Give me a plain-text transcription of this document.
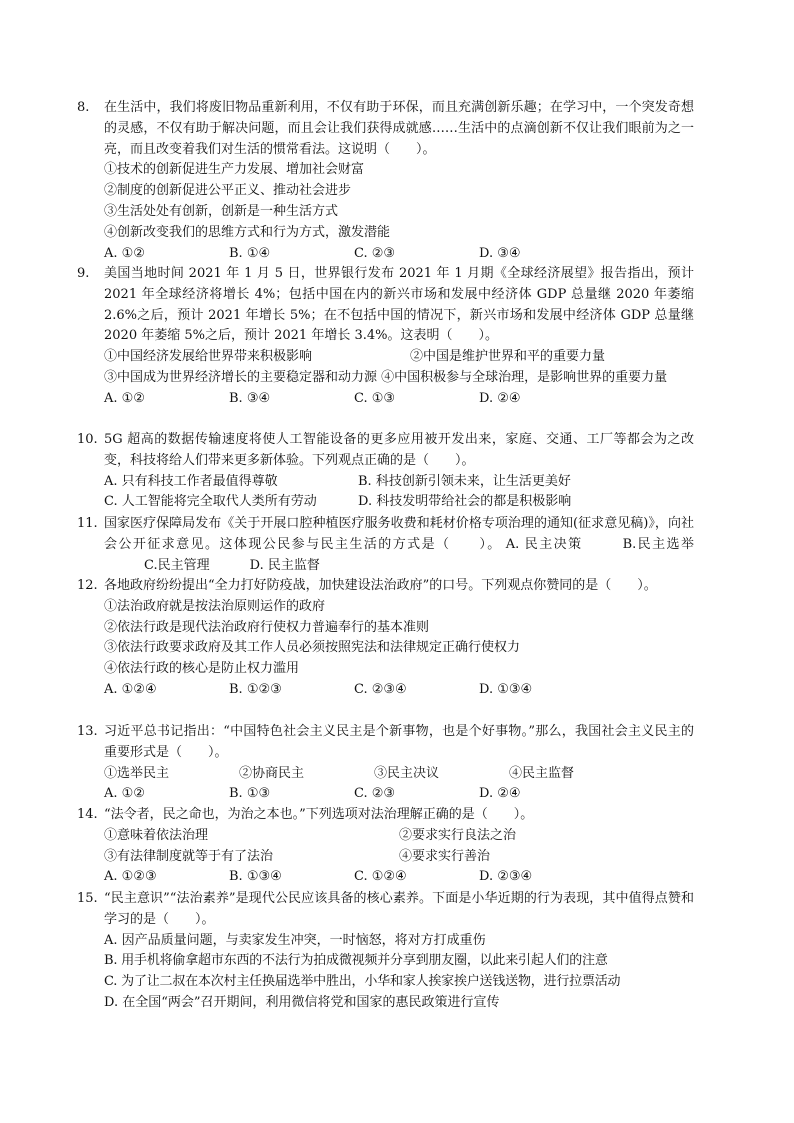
8. 在生活中，我们将废旧物品重新利用，不仅有助于环保，而且充满创新乐趣；在学习中，一个突发奇想的灵感，不仅有助于解决问题，而且会让我们获得成就感……生活中的点滴创新不仅让我们眼前为之一亮，而且改变着我们对生活的惯常看法。这说明（　　）。
①技术的创新促进生产力发展、增加社会财富
②制度的创新促进公平正义、推动社会进步
③生活处处有创新，创新是一种生活方式
④创新改变我们的思维方式和行为方式，激发潜能
A. ①②	B. ①④	C. ②③	D. ③④
9. 美国当地时间 2021 年 1 月 5 日，世界银行发布 2021 年 1 月期《全球经济展望》报告指出，预计 2021 年全球经济将增长 4%；包括中国在内的新兴市场和发展中经济体 GDP 总量继 2020 年萎缩 2.6%之后，预计 2021 年增长 5%；在不包括中国的情况下，新兴市场和发展中经济体 GDP 总量继 2020 年萎缩 5%之后，预计 2021 年增长 3.4%。这表明（　　）。
①中国经济发展给世界带来积极影响	②中国是维护世界和平的重要力量
③中国成为世界经济增长的主要稳定器和动力源 ④中国积极参与全球治理，是影响世界的重要力量
A. ①②	B. ③④	C. ①③	D. ②④
10. 5G 超高的数据传输速度将使人工智能设备的更多应用被开发出来，家庭、交通、工厂等都会为之改变，科技将给人们带来更多新体验。下列观点正确的是（　　）。
A. 只有科技工作者最值得尊敬	B. 科技创新引领未来，让生活更美好
C. 人工智能将完全取代人类所有劳动	D. 科技发明带给社会的都是积极影响
11. 国家医疗保障局发布《关于开展口腔种植医疗服务收费和耗材价格专项治理的通知(征求意见稿)》，向社会公开征求意见。这体现公民参与民主生活的方式是（　　）。 A. 民主决策	B.民主选举C.民主管理	D. 民主监督
12. 各地政府纷纷提出“全力打好防疫战，加快建设法治政府”的口号。下列观点你赞同的是（　　）。
①法治政府就是按法治原则运作的政府
②依法行政是现代法治政府行使权力普遍奉行的基本准则
③依法行政要求政府及其工作人员必须按照宪法和法律规定正确行使权力
④依法行政的核心是防止权力滥用
A. ①②④	B. ①②③	C. ②③④	D. ①③④
13. 习近平总书记指出：“中国特色社会主义民主是个新事物，也是个好事物。”那么，我国社会主义民主的重要形式是（　　）。
①选举民主	②协商民主	③民主决议	④民主监督
A. ①②	B. ①③	C. ②③	D. ②④
14. “法令者，民之命也，为治之本也。”下列选项对法治理解正确的是（　　）。
①意味着依法治理	②要求实行良法之治
③有法律制度就等于有了法治	④要求实行善治
A. ①②③	B. ①③④	C. ①②④	D. ②③④
15. “民主意识”“法治素养”是现代公民应该具备的核心素养。下面是小华近期的行为表现，其中值得点赞和学习的是（　　）。
A. 因产品质量问题，与卖家发生冲突，一时恼怒，将对方打成重伤
B. 用手机将偷拿超市东西的不法行为拍成微视频并分享到朋友圈，以此来引起人们的注意
C. 为了让二叔在本次村主任换届选举中胜出，小华和家人挨家挨户送钱送物，进行拉票活动
D. 在全国“两会”召开期间，利用微信将党和国家的惠民政策进行宣传
